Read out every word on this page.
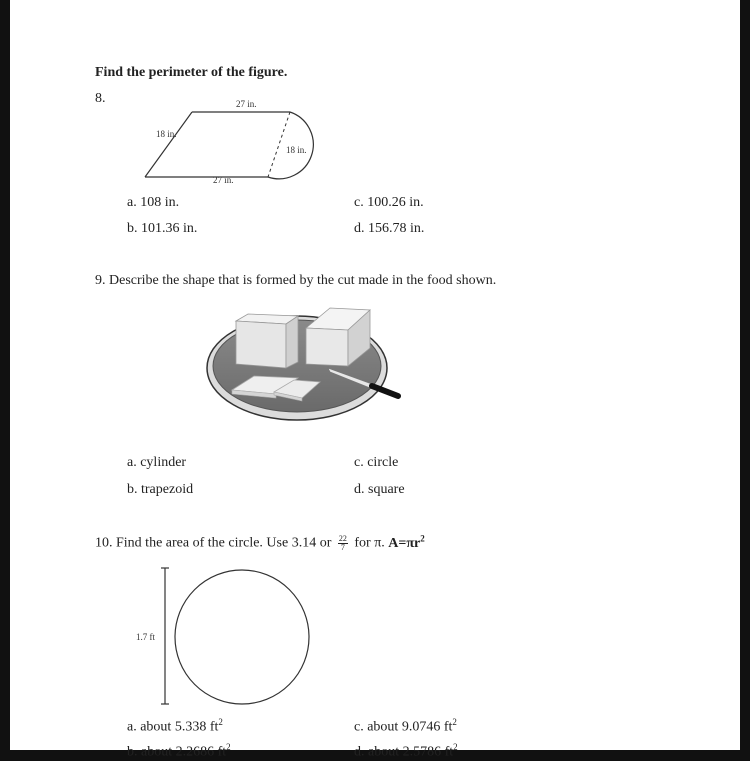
Find the perimeter of the figure.
8.	27 in.
18 in.
18 in.
27 in.
a. 108 in.
b. 101.36 in.
c. 100.26 in.
d. 156.78 in.
9. Describe the shape that is formed by the cut made in the food shown.
a. cylinder
b. trapezoid
c. circle
d. square
10. Find the area of the circle. Use 3.14 or $\frac{22}{7}$ for π. $A=\pi r^2$
1.7 ft
a. about 5.338 $ft^2$
b. about 2.2686 $ft^2$
c. about 9.0746 $ft^2$
d. about 2.5786 $ft^2$
